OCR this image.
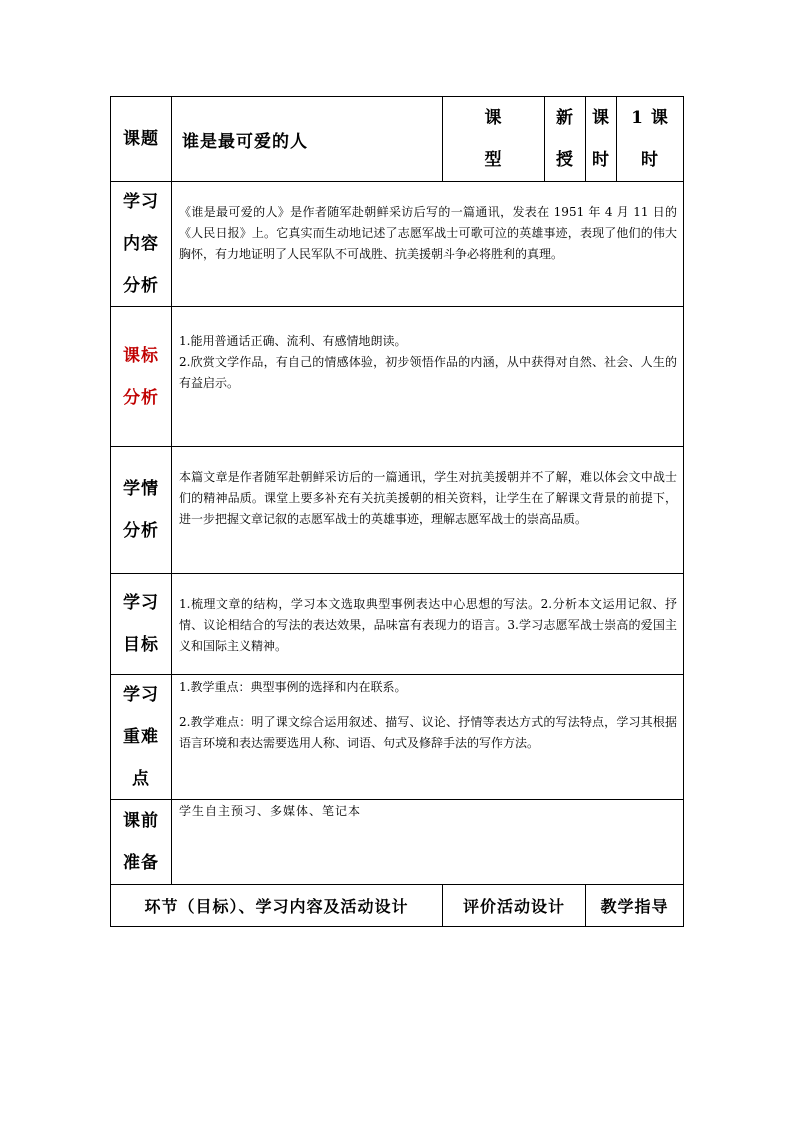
课题 谁是最可爱的人
课
型
新
授
课
时
1 课
时
学习
内容
分析

《谁是最可爱的人》是作者随军赴朝鲜采访后写的一篇通讯，发表在 1951 年 4 月 11 日的《人民日报》上。它真实而生动地记述了志愿军战士可歌可泣的英雄事迹，表现了他们的伟大胸怀，有力地证明了人民军队不可战胜、抗美援朝斗争必将胜利的真理。

课标
分析

1.能用普通话正确、流利、有感情地朗读。

2.欣赏文学作品，有自己的情感体验，初步领悟作品的内涵，从中获得对自然、社会、人生的有益启示。

学情
分析

本篇文章是作者随军赴朝鲜采访后的一篇通讯，学生对抗美援朝并不了解，难以体会文中战士们的精神品质。课堂上要多补充有关抗美援朝的相关资料，让学生在了解课文背景的前提下，进一步把握文章记叙的志愿军战士的英雄事迹，理解志愿军战士的崇高品质。

学习
目标

1.梳理文章的结构，学习本文选取典型事例表达中心思想的写法。2.分析本文运用记叙、抒情、议论相结合的写法的表达效果，品味富有表现力的语言。3.学习志愿军战士崇高的爱国主义和国际主义精神。

学习
重难
点

1.教学重点：典型事例的选择和内在联系。

2.教学难点：明了课文综合运用叙述、描写、议论、抒情等表达方式的写法特点，学习其根据语言环境和表达需要选用人称、词语、句式及修辞手法的写作方法。

课前
准备

学生自主预习、多媒体、笔记本

环节（目标）、学习内容及活动设计	评价活动设计 教学指导
